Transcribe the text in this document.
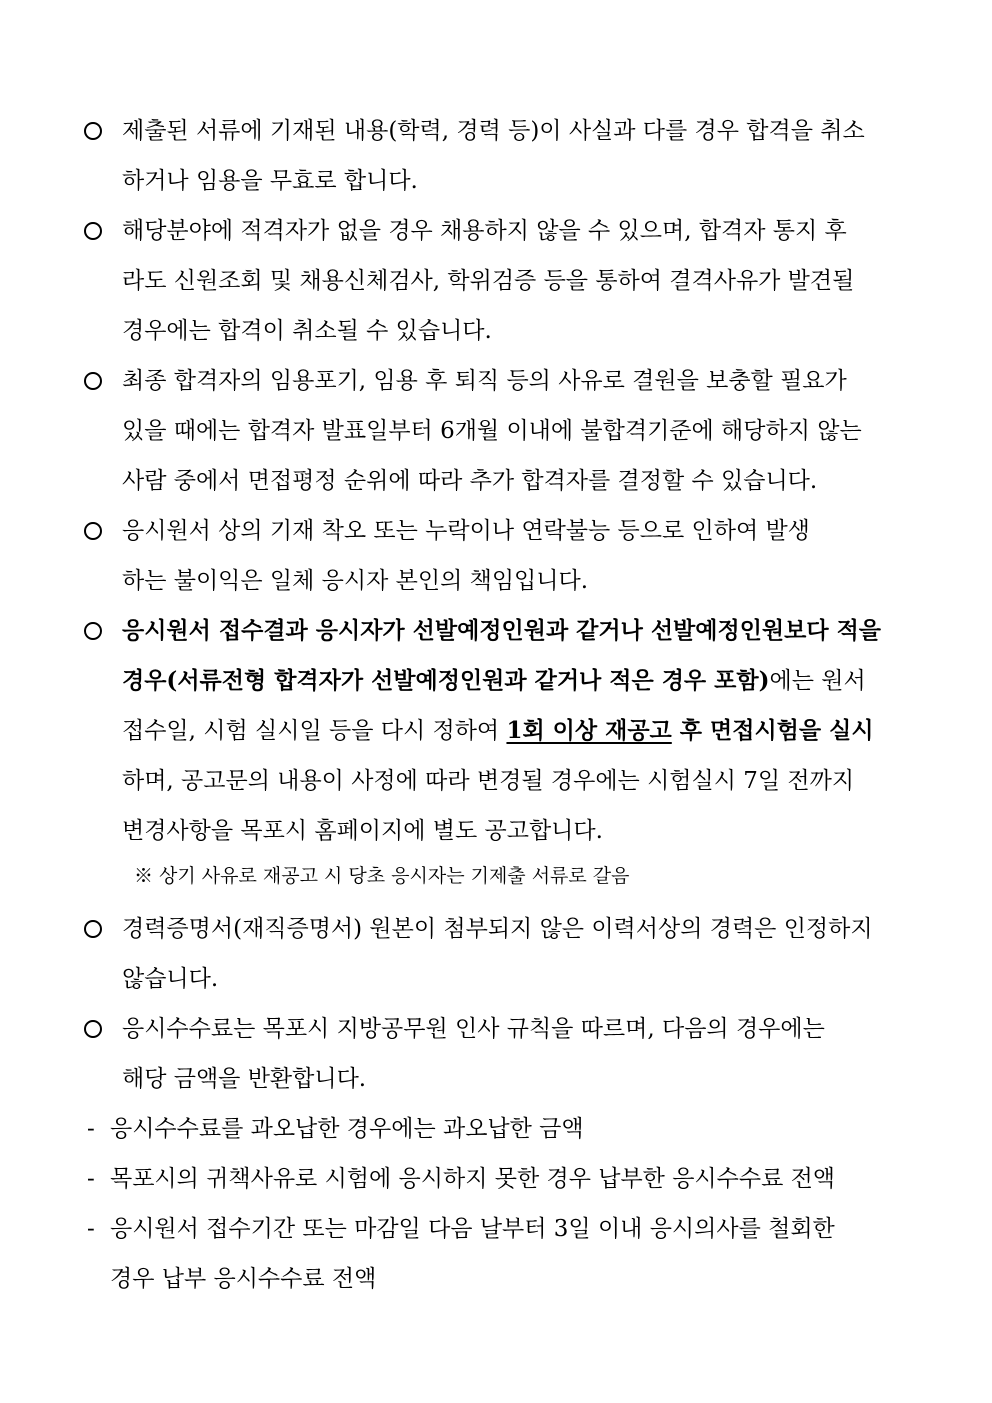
제출된 서류에 기재된 내용(학력, 경력 등)이 사실과 다를 경우 합격을 취소
하거나 임용을 무효로 합니다.
해당분야에 적격자가 없을 경우 채용하지 않을 수 있으며, 합격자 통지 후
라도 신원조회 및 채용신체검사, 학위검증 등을 통하여 결격사유가 발견될
경우에는 합격이 취소될 수 있습니다.
최종 합격자의 임용포기, 임용 후 퇴직 등의 사유로 결원을 보충할 필요가
있을 때에는 합격자 발표일부터 6개월 이내에 불합격기준에 해당하지 않는
사람 중에서 면접평정 순위에 따라 추가 합격자를 결정할 수 있습니다.
응시원서 상의 기재 착오 또는 누락이나 연락불능 등으로 인하여 발생
하는 불이익은 일체 응시자 본인의 책임입니다.
응시원서 접수결과 응시자가 선발예정인원과 같거나 선발예정인원보다 적을
경우(서류전형 합격자가 선발예정인원과 같거나 적은 경우 포함)에는 원서
접수일, 시험 실시일 등을 다시 정하여 1회 이상 재공고 후 면접시험을 실시
하며, 공고문의 내용이 사정에 따라 변경될 경우에는 시험실시 7일 전까지
변경사항을 목포시 홈페이지에 별도 공고합니다.
※ 상기 사유로 재공고 시 당초 응시자는 기제출 서류로 갈음
경력증명서(재직증명서) 원본이 첨부되지 않은 이력서상의 경력은 인정하지
않습니다.
응시수수료는 목포시 지방공무원 인사 규칙을 따르며, 다음의 경우에는
해당 금액을 반환합니다.
- 응시수수료를 과오납한 경우에는 과오납한 금액
- 목포시의 귀책사유로 시험에 응시하지 못한 경우 납부한 응시수수료 전액
- 응시원서 접수기간 또는 마감일 다음 날부터 3일 이내 응시의사를 철회한
경우 납부 응시수수료 전액
